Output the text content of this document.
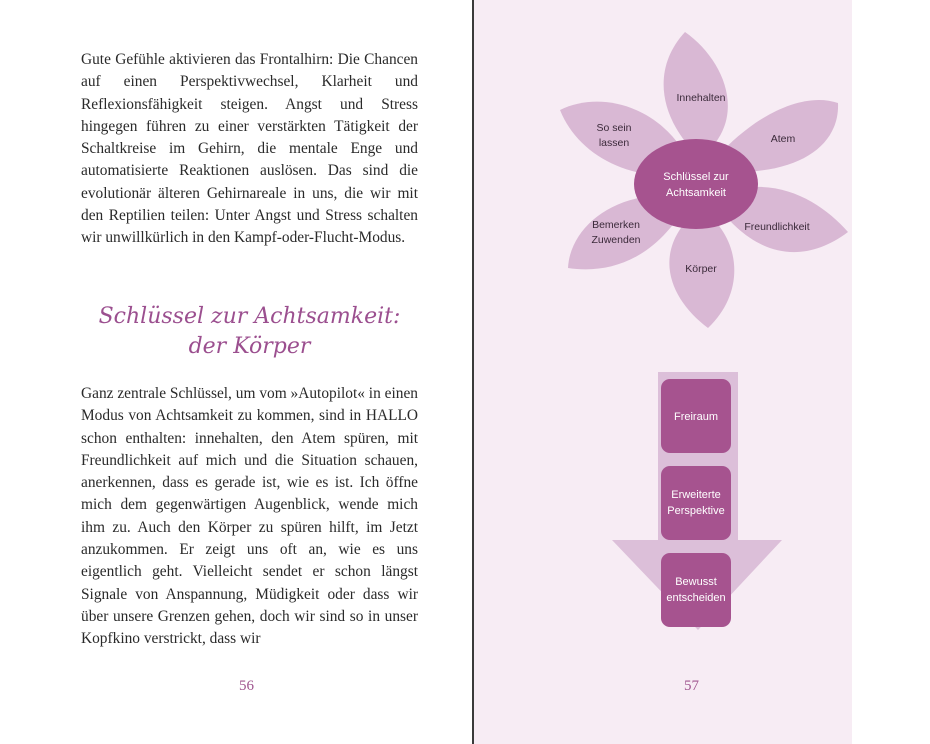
Gute Gefühle aktivieren das Frontalhirn: Die Chancen auf einen Perspektivwechsel, Klarheit und Reflexionsfähigkeit steigen. Angst und Stress hingegen führen zu einer verstärkten Tätigkeit der Schaltkreise im Gehirn, die mentale Enge und automatisierte Reaktionen auslösen. Das sind die evolutionär älteren Gehirnareale in uns, die wir mit den Reptilien teilen: Unter Angst und Stress schalten wir unwillkürlich in den Kampf-oder-Flucht-Modus.

Schlüssel zur Achtsamkeit:
der Körper

Ganz zentrale Schlüssel, um vom »Autopilot« in einen Modus von Achtsamkeit zu kommen, sind in HALLO schon enthalten: innehalten, den Atem spüren, mit Freundlichkeit auf mich und die Situation schauen, anerkennen, dass es gerade ist, wie es ist. Ich öffne mich dem gegenwärtigen Augenblick, wende mich ihm zu. Auch den Körper zu spüren hilft, im Jetzt anzukommen. Er zeigt uns oft an, wie es uns eigentlich geht. Vielleicht sendet er schon längst Signale von Anspannung, Müdigkeit oder dass wir über unsere Grenzen gehen, doch wir sind so in unser Kopfkino verstrickt, dass wir

56	57
Schlüssel zur
Achtsamkeit
Innehalten
Atem
Freundlichkeit
Körper
Bemerken
Zuwenden
So sein
lassen
Freiraum
Erweiterte
Perspektive
Bewusst
entscheiden
